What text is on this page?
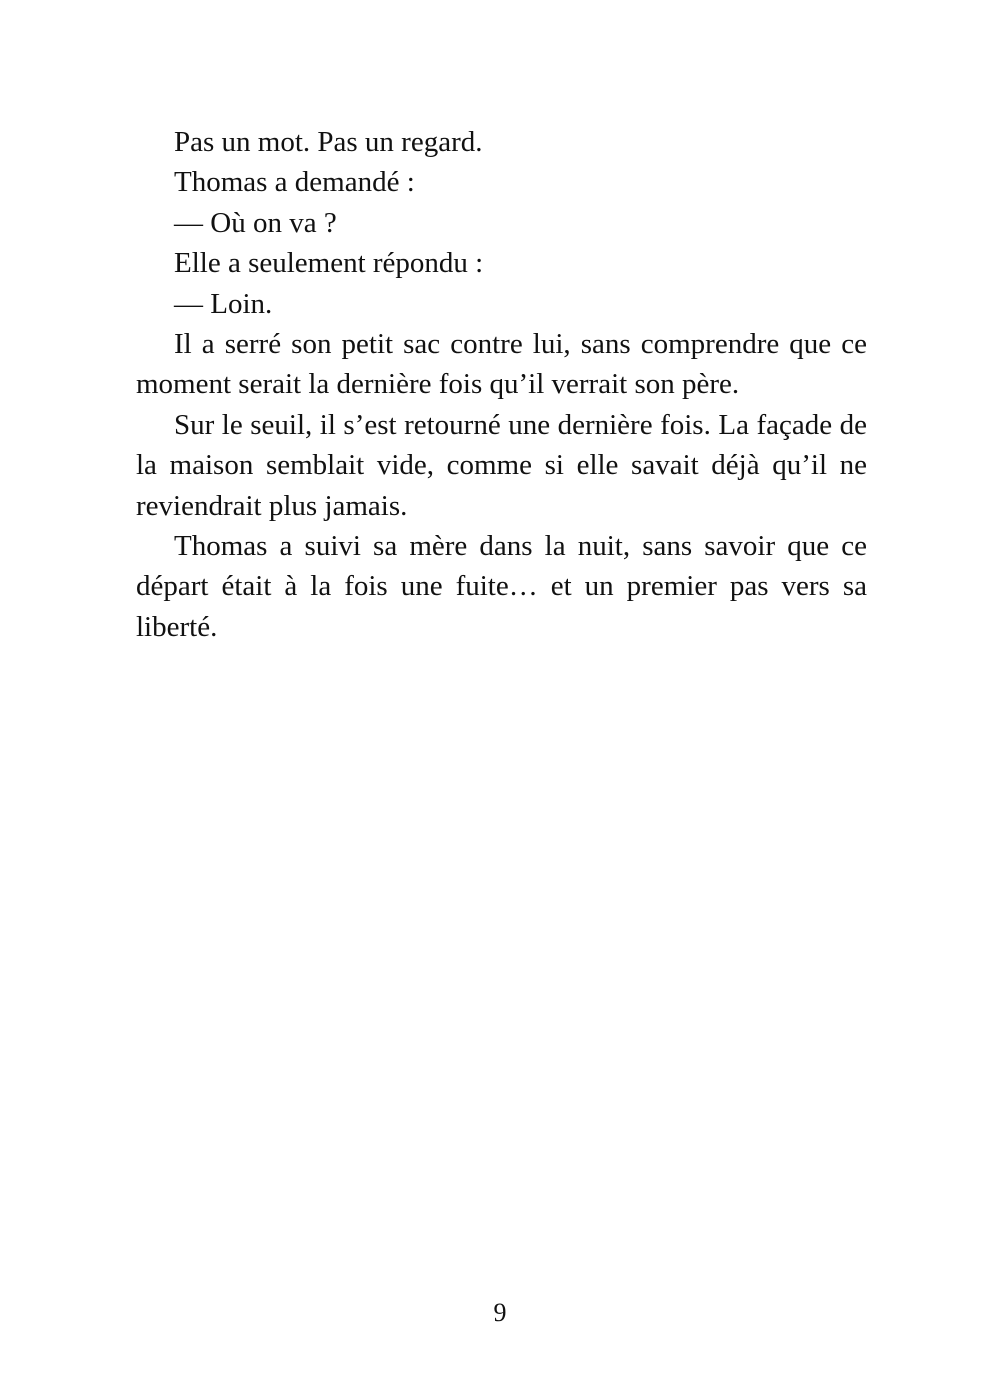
Pas un mot. Pas un regard.

Thomas a demandé :

— Où on va ?

Elle a seulement répondu :

— Loin.

Il a serré son petit sac contre lui, sans comprendre que ce moment serait la dernière fois qu’il verrait son père.

Sur le seuil, il s’est retourné une dernière fois. La façade de la maison semblait vide, comme si elle savait déjà qu’il ne reviendrait plus jamais.

Thomas a suivi sa mère dans la nuit, sans savoir que ce départ était à la fois une fuite… et un premier pas vers sa liberté.

9
